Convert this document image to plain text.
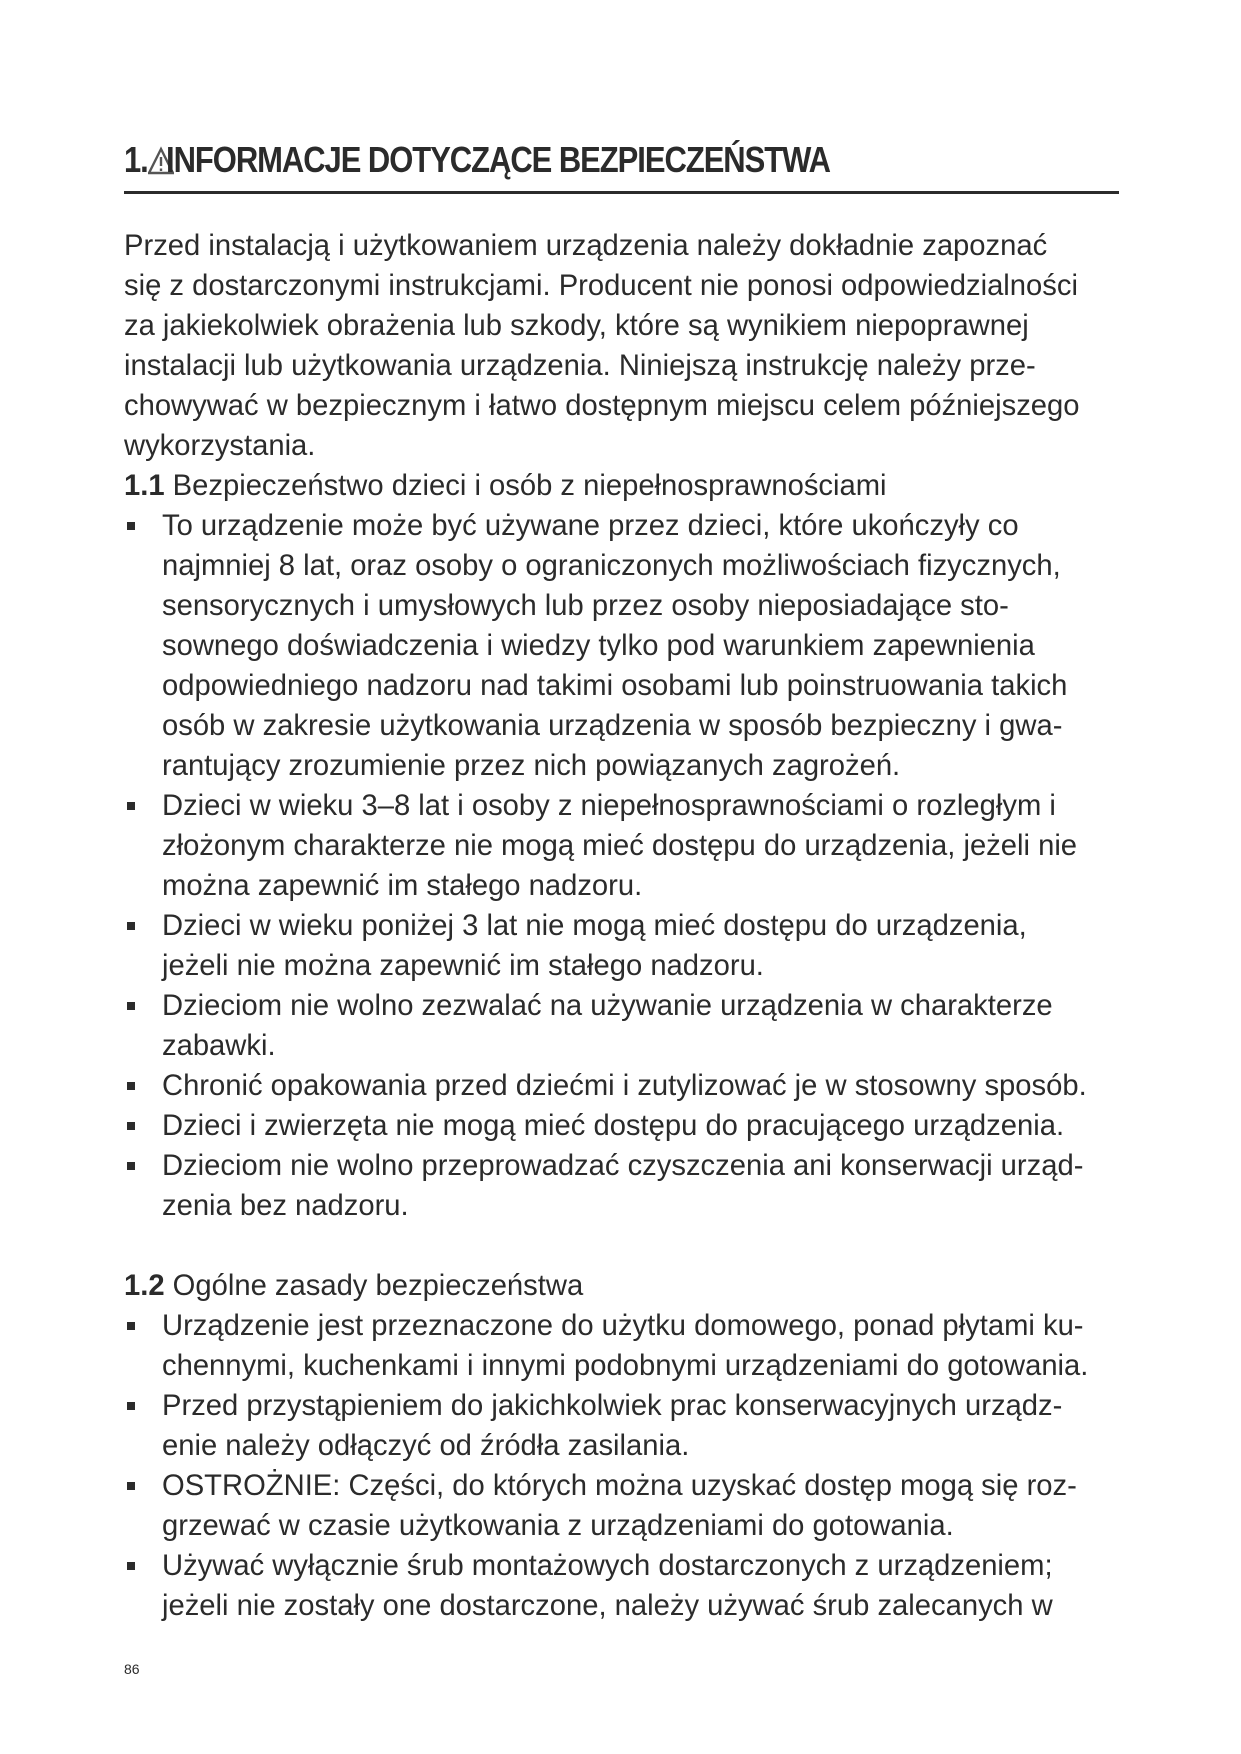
1. INFORMACJE DOTYCZĄCE BEZPIECZEŃSTWA

Przed instalacją i użytkowaniem urządzenia należy dokładnie zapoznać
się z dostarczonymi instrukcjami. Producent nie ponosi odpowiedzialności
za jakiekolwiek obrażenia lub szkody, które są wynikiem niepoprawnej
instalacji lub użytkowania urządzenia. Niniejszą instrukcję należy prze-
chowywać w bezpiecznym i łatwo dostępnym miejscu celem późniejszego
wykorzystania.

1.1 Bezpieczeństwo dzieci i osób z niepełnosprawnościami

To urządzenie może być używane przez dzieci, które ukończyły co
najmniej 8 lat, oraz osoby o ograniczonych możliwościach fizycznych,
sensorycznych i umysłowych lub przez osoby nieposiadające sto-
sownego doświadczenia i wiedzy tylko pod warunkiem zapewnienia
odpowiedniego nadzoru nad takimi osobami lub poinstruowania takich
osób w zakresie użytkowania urządzenia w sposób bezpieczny i gwa-
rantujący zrozumienie przez nich powiązanych zagrożeń.
Dzieci w wieku 3–8 lat i osoby z niepełnosprawnościami o rozległym i
złożonym charakterze nie mogą mieć dostępu do urządzenia, jeżeli nie
można zapewnić im stałego nadzoru.
Dzieci w wieku poniżej 3 lat nie mogą mieć dostępu do urządzenia,
jeżeli nie można zapewnić im stałego nadzoru.
Dzieciom nie wolno zezwalać na używanie urządzenia w charakterze
zabawki.
Chronić opakowania przed dziećmi i zutylizować je w stosowny sposób.
Dzieci i zwierzęta nie mogą mieć dostępu do pracującego urządzenia.
Dzieciom nie wolno przeprowadzać czyszczenia ani konserwacji urząd-
zenia bez nadzoru.

1.2 Ogólne zasady bezpieczeństwa

Urządzenie jest przeznaczone do użytku domowego, ponad płytami ku-
chennymi, kuchenkami i innymi podobnymi urządzeniami do gotowania.
Przed przystąpieniem do jakichkolwiek prac konserwacyjnych urządz-
enie należy odłączyć od źródła zasilania.
OSTROŻNIE: Części, do których można uzyskać dostęp mogą się roz-
grzewać w czasie użytkowania z urządzeniami do gotowania.
Używać wyłącznie śrub montażowych dostarczonych z urządzeniem;
jeżeli nie zostały one dostarczone, należy używać śrub zalecanych w
86
